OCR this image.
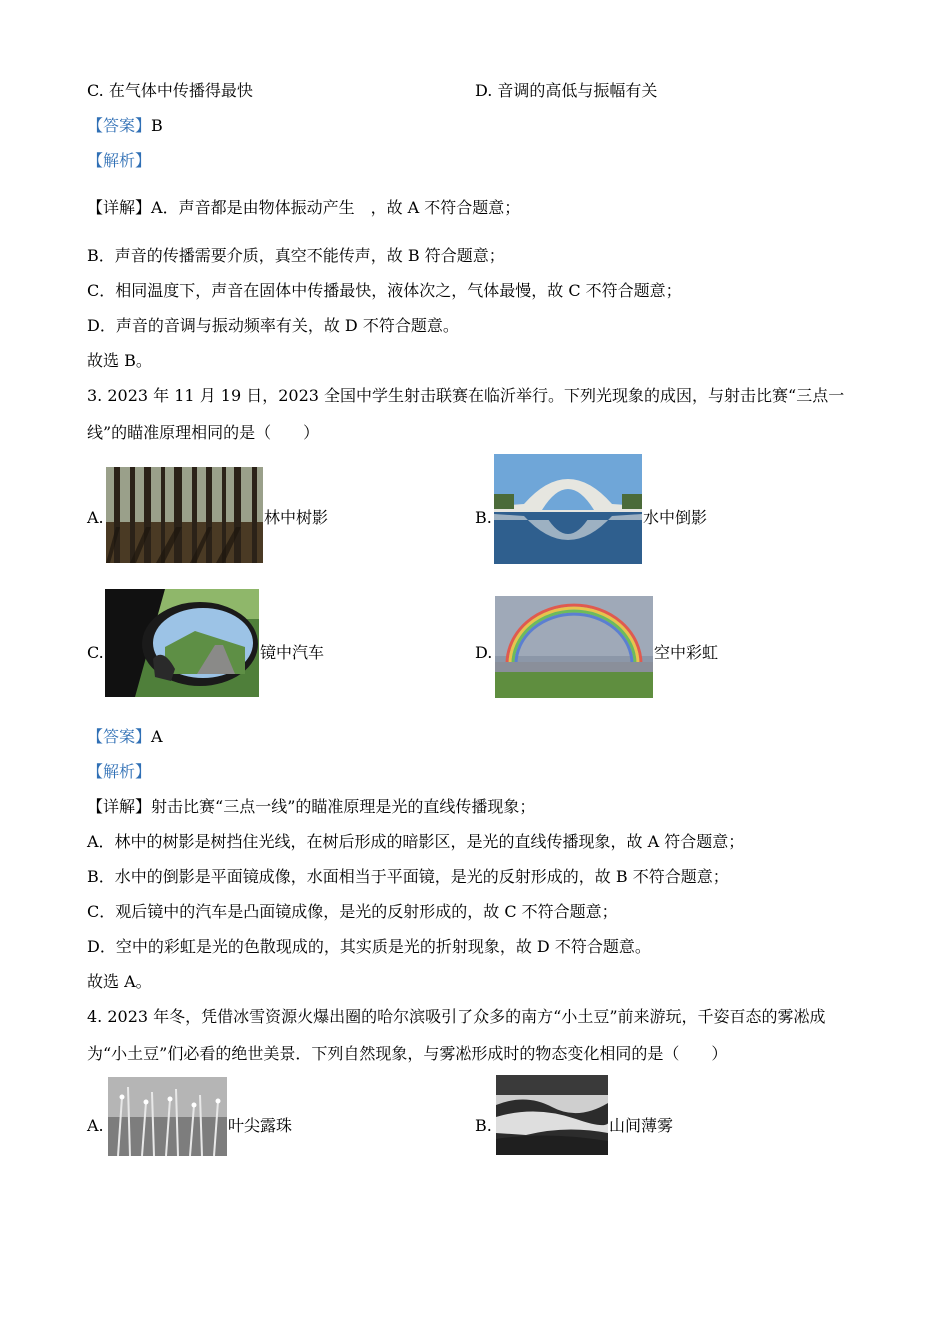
C. 在气体中传播得最快	D. 音调的高低与振幅有关
【答案】B
【解析】
【详解】A．声音都是由物体振动产生　，故 A 不符合题意；
B．声音的传播需要介质，真空不能传声，故 B 符合题意；
C．相同温度下，声音在固体中传播最快，液体次之，气体最慢，故 C 不符合题意；
D．声音的音调与振动频率有关，故 D 不符合题意。
故选 B。
3. 2023 年 11 月 19 日，2023 全国中学生射击联赛在临沂举行。下列光现象的成因，与射击比赛“三点一
线”的瞄准原理相同的是（　　）
A.	林中树影	B.	水中倒影
C.	镜中汽车	D.	空中彩虹
【答案】A
【解析】
【详解】射击比赛“三点一线”的瞄准原理是光的直线传播现象；
A．林中的树影是树挡住光线，在树后形成的暗影区，是光的直线传播现象，故 A 符合题意；
B．水中的倒影是平面镜成像，水面相当于平面镜，是光的反射形成的，故 B 不符合题意；
C．观后镜中的汽车是凸面镜成像，是光的反射形成的，故 C 不符合题意；
D．空中的彩虹是光的色散现成的，其实质是光的折射现象，故 D 不符合题意。
故选 A。
4. 2023 年冬，凭借冰雪资源火爆出圈的哈尔滨吸引了众多的南方“小土豆”前来游玩，千姿百态的雾凇成
为“小土豆”们必看的绝世美景．下列自然现象，与雾凇形成时的物态变化相同的是（　　）
A.	叶尖露珠	B.	山间薄雾
